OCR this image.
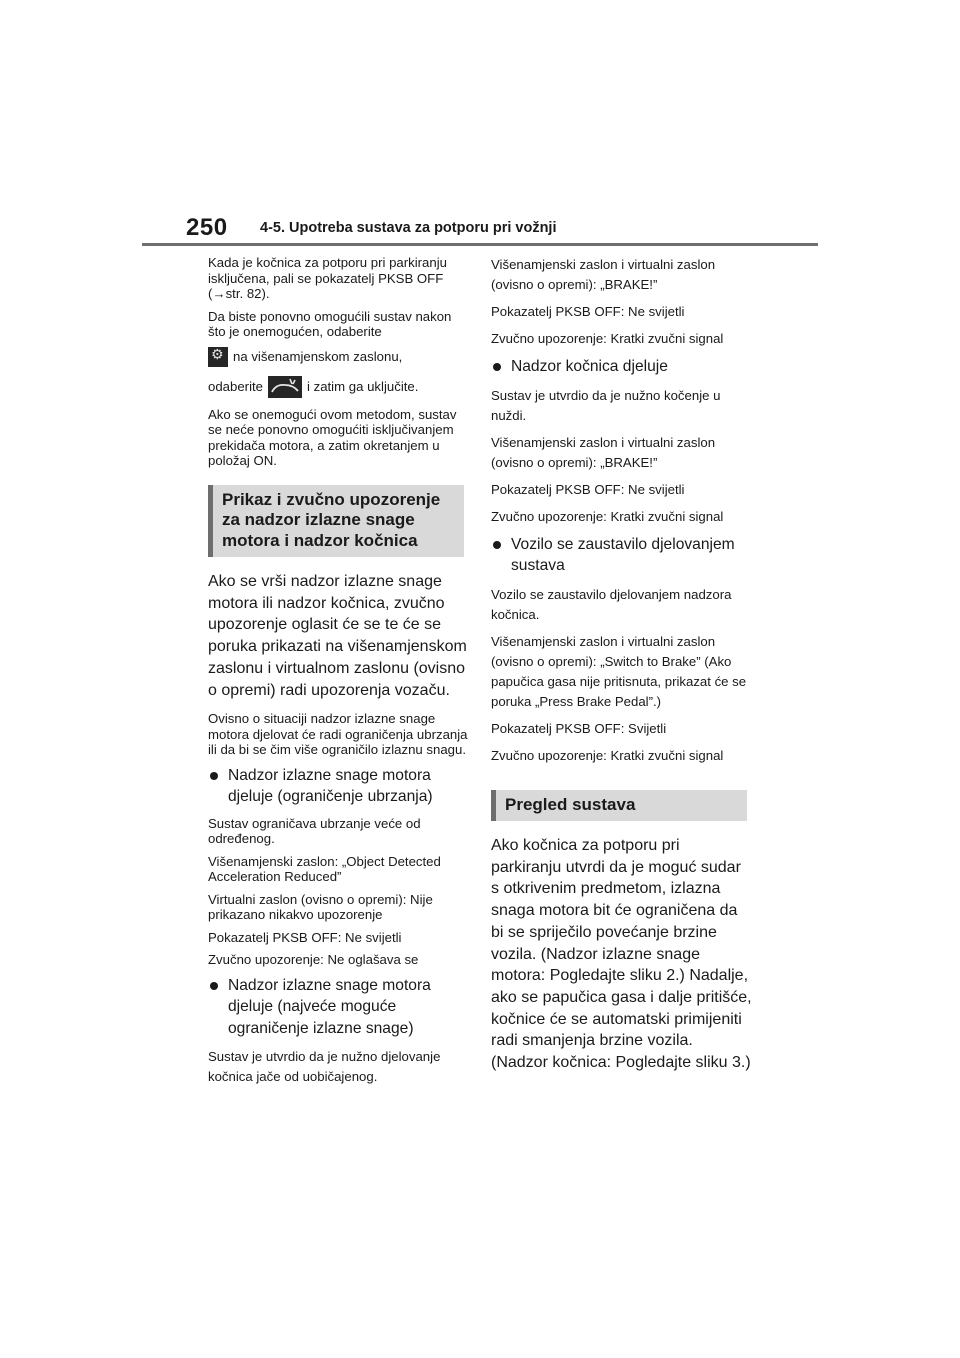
250 4-5. Upotreba sustava za potporu pri vožnji

Kada je kočnica za potporu pri parkiranju isključena, pali se pokazatelj PKSB OFF (→str. 82).

Da biste ponovno omogućili sustav nakon što je onemogućen, odaberite

⚙ na višenamjenskom zaslonu,
odaberite	i zatim ga uključite.

Ako se onemogući ovom metodom, sustav se neće ponovno omogućiti isključivanjem prekidača motora, a zatim okretanjem u položaj ON.

Prikaz i zvučno upozorenje za nadzor izlazne snage motora i nadzor kočnica

Ako se vrši nadzor izlazne snage motora ili nadzor kočnica, zvučno upozorenje oglasit će se te će se poruka prikazati na višenamjenskom zaslonu i virtualnom zaslonu (ovisno o opremi) radi upozorenja vozaču.

Ovisno o situaciji nadzor izlazne snage motora djelovat će radi ograničenja ubrzanja ili da bi se čim više ograničilo izlaznu snagu.

Nadzor izlazne snage motora djeluje (ograničenje ubrzanja)

Sustav ograničava ubrzanje veće od određenog.

Višenamjenski zaslon: „Object Detected Acceleration Reduced”

Virtualni zaslon (ovisno o opremi): Nije prikazano nikakvo upozorenje

Pokazatelj PKSB OFF: Ne svijetli

Zvučno upozorenje: Ne oglašava se

Nadzor izlazne snage motora djeluje (najveće moguće ograničenje izlazne snage)

Sustav je utvrdio da je nužno djelovanje kočnica jače od uobičajenog.

Višenamjenski zaslon i virtualni zaslon (ovisno o opremi): „BRAKE!”

Pokazatelj PKSB OFF: Ne svijetli

Zvučno upozorenje: Kratki zvučni signal

Nadzor kočnica djeluje

Sustav je utvrdio da je nužno kočenje u nuždi.

Višenamjenski zaslon i virtualni zaslon (ovisno o opremi): „BRAKE!”

Pokazatelj PKSB OFF: Ne svijetli

Zvučno upozorenje: Kratki zvučni signal

Vozilo se zaustavilo djelovanjem sustava

Vozilo se zaustavilo djelovanjem nadzora kočnica.

Višenamjenski zaslon i virtualni zaslon (ovisno o opremi): „Switch to Brake” (Ako papučica gasa nije pritisnuta, prikazat će se poruka „Press Brake Pedal”.)

Pokazatelj PKSB OFF: Svijetli

Zvučno upozorenje: Kratki zvučni signal

Pregled sustava

Ako kočnica za potporu pri parkiranju utvrdi da je moguć sudar s otkrivenim predmetom, izlazna snaga motora bit će ograničena da bi se spriječilo povećanje brzine vozila. (Nadzor izlazne snage motora: Pogledajte sliku 2.) Nadalje, ako se papučica gasa i dalje pritišće, kočnice će se automatski primijeniti radi smanjenja brzine vozila. (Nadzor kočnica: Pogledajte sliku 3.)
